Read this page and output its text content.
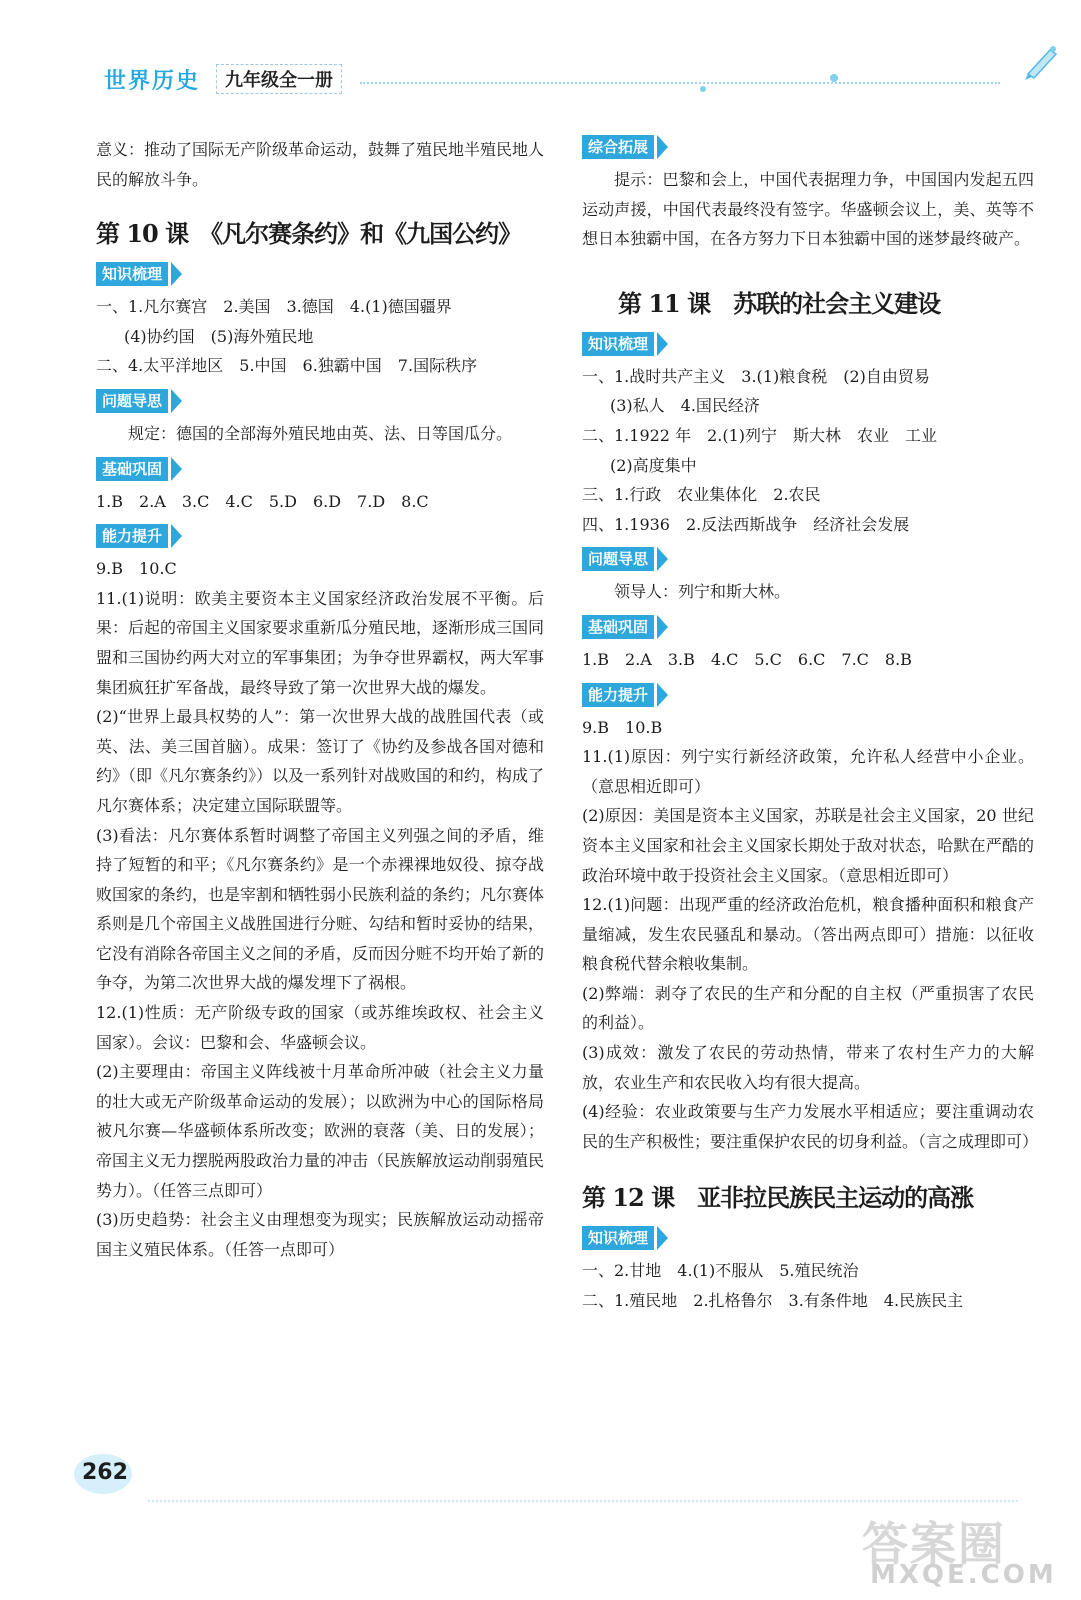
世界历史	九年级全一册

意义：推动了国际无产阶级革命运动，鼓舞了殖民地半殖民地人民的解放斗争。

第 10 课　《凡尔赛条约》和《九国公约》
知识梳理

一、1.凡尔赛宫　2.美国　3.德国　4.(1)德国疆界

(4)协约国　(5)海外殖民地

二、4.太平洋地区　5.中国　6.独霸中国　7.国际秩序

问题导思

规定：德国的全部海外殖民地由英、法、日等国瓜分。

基础巩固

1.B　2.A　3.C　4.C　5.D　6.D　7.D　8.C

能力提升

9.B　10.C

11.(1)说明：欧美主要资本主义国家经济政治发展不平衡。后果：后起的帝国主义国家要求重新瓜分殖民地，逐渐形成三国同盟和三国协约两大对立的军事集团；为争夺世界霸权，两大军事集团疯狂扩军备战，最终导致了第一次世界大战的爆发。

(2)“世界上最具权势的人”：第一次世界大战的战胜国代表（或英、法、美三国首脑）。成果：签订了《协约及参战各国对德和约》（即《凡尔赛条约》）以及一系列针对战败国的和约，构成了凡尔赛体系；决定建立国际联盟等。

(3)看法：凡尔赛体系暂时调整了帝国主义列强之间的矛盾，维持了短暂的和平；《凡尔赛条约》是一个赤裸裸地奴役、掠夺战败国家的条约，也是宰割和牺牲弱小民族利益的条约；凡尔赛体系则是几个帝国主义战胜国进行分赃、勾结和暂时妥协的结果，它没有消除各帝国主义之间的矛盾，反而因分赃不均开始了新的争夺，为第二次世界大战的爆发埋下了祸根。

12.(1)性质：无产阶级专政的国家（或苏维埃政权、社会主义国家）。会议：巴黎和会、华盛顿会议。

(2)主要理由：帝国主义阵线被十月革命所冲破（社会主义力量的壮大或无产阶级革命运动的发展）；以欧洲为中心的国际格局被凡尔赛—华盛顿体系所改变；欧洲的衰落（美、日的发展）；帝国主义无力摆脱两股政治力量的冲击（民族解放运动削弱殖民势力）。（任答三点即可）

(3)历史趋势：社会主义由理想变为现实；民族解放运动动摇帝国主义殖民体系。（任答一点即可）

综合拓展

提示：巴黎和会上，中国代表据理力争，中国国内发起五四运动声援，中国代表最终没有签字。华盛顿会议上，美、英等不想日本独霸中国，在各方努力下日本独霸中国的迷梦最终破产。

第 11 课　苏联的社会主义建设
知识梳理

一、1.战时共产主义　3.(1)粮食税　(2)自由贸易

(3)私人　4.国民经济

二、1.1922 年　2.(1)列宁　斯大林　农业　工业

(2)高度集中

三、1.行政　农业集体化　2.农民

四、1.1936　2.反法西斯战争　经济社会发展

问题导思

领导人：列宁和斯大林。

基础巩固

1.B　2.A　3.B　4.C　5.C　6.C　7.C　8.B

能力提升

9.B　10.B

11.(1)原因：列宁实行新经济政策，允许私人经营中小企业。（意思相近即可）

(2)原因：美国是资本主义国家，苏联是社会主义国家，20 世纪资本主义国家和社会主义国家长期处于敌对状态，哈默在严酷的政治环境中敢于投资社会主义国家。（意思相近即可）

12.(1)问题：出现严重的经济政治危机，粮食播种面积和粮食产量缩减，发生农民骚乱和暴动。（答出两点即可）措施：以征收粮食税代替余粮收集制。

(2)弊端：剥夺了农民的生产和分配的自主权（严重损害了农民的利益）。

(3)成效：激发了农民的劳动热情，带来了农村生产力的大解放，农业生产和农民收入均有很大提高。

(4)经验：农业政策要与生产力发展水平相适应；要注重调动农民的生产积极性；要注重保护农民的切身利益。（言之成理即可）

第 12 课　亚非拉民族民主运动的高涨
知识梳理

一、2.甘地　4.(1)不服从　5.殖民统治

二、1.殖民地　2.扎格鲁尔　3.有条件地　4.民族民主

262
答案圈
MXQE.COM
